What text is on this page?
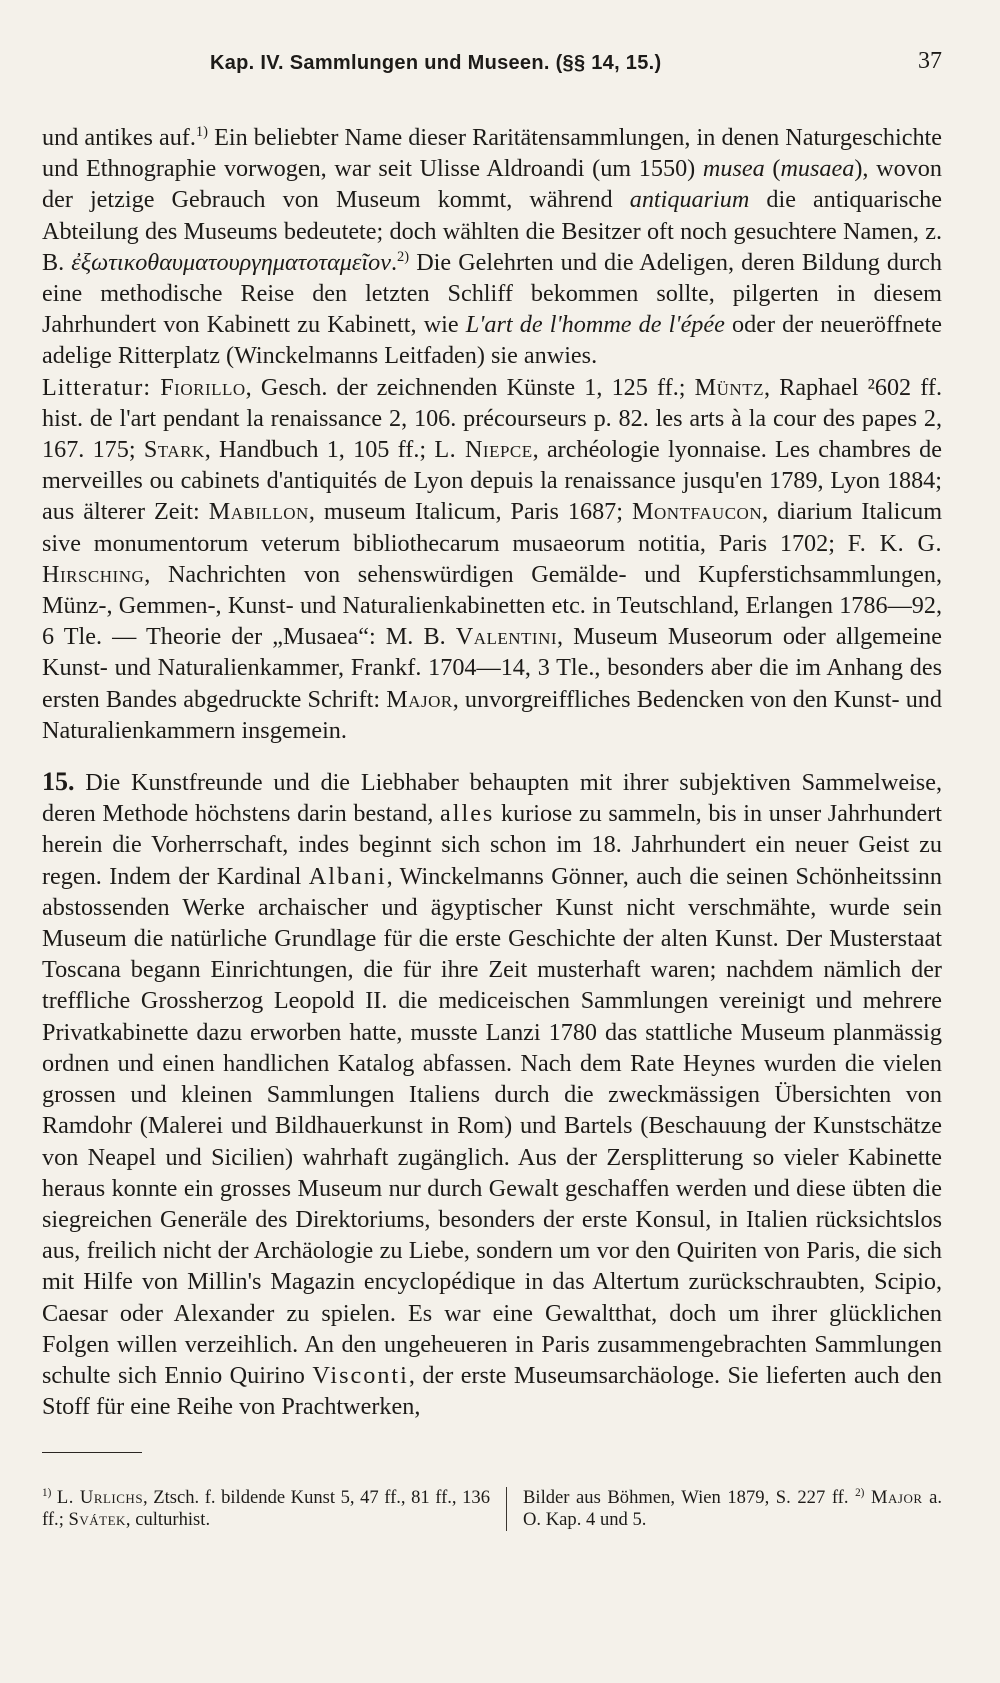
Kap. IV. Sammlungen und Museen. (§§ 14, 15.)	37

und antikes auf.$^{1)}$ Ein beliebter Name dieser Raritätensammlungen, in denen Naturgeschichte und Ethnographie vorwogen, war seit Ulisse Aldroandi (um 1550) musea (musaea), wovon der jetzige Gebrauch von Museum kommt, während antiquarium die antiquarische Abteilung des Museums bedeutete; doch wählten die Besitzer oft noch gesuchtere Namen, z. B. ἐξωτικοθαυματουργηματοταμεῖον.$^{2)}$ Die Gelehrten und die Adeligen, deren Bildung durch eine methodische Reise den letzten Schliff bekommen sollte, pilgerten in diesem Jahrhundert von Kabinett zu Kabinett, wie L'art de l'homme de l'épée oder der neueröffnete adelige Ritterplatz (Winckelmanns Leitfaden) sie anwies.

Litteratur: Fiorillo, Gesch. der zeichnenden Künste 1, 125 ff.; Müntz, Raphael ²602 ff. hist. de l'art pendant la renaissance 2, 106. précourseurs p. 82. les arts à la cour des papes 2, 167. 175; Stark, Handbuch 1, 105 ff.; L. Niepce, archéologie lyonnaise. Les chambres de merveilles ou cabinets d'antiquités de Lyon depuis la renaissance jusqu'en 1789, Lyon 1884; aus älterer Zeit: Mabillon, museum Italicum, Paris 1687; Montfaucon, diarium Italicum sive monumentorum veterum bibliothecarum musaeorum notitia, Paris 1702; F. K. G. Hirsching, Nachrichten von sehenswürdigen Gemälde- und Kupferstichsammlungen, Münz-, Gemmen-, Kunst- und Naturalienkabinetten etc. in Teutschland, Erlangen 1786—92, 6 Tle. — Theorie der „Musaea“: M. B. Valentini, Museum Museorum oder allgemeine Kunst- und Naturalienkammer, Frankf. 1704—14, 3 Tle., besonders aber die im Anhang des ersten Bandes abgedruckte Schrift: Major, unvorgreiffliches Bedencken von den Kunst- und Naturalienkammern insgemein.

15. Die Kunstfreunde und die Liebhaber behaupten mit ihrer subjektiven Sammelweise, deren Methode höchstens darin bestand, alles kuriose zu sammeln, bis in unser Jahrhundert herein die Vorherrschaft, indes beginnt sich schon im 18. Jahrhundert ein neuer Geist zu regen. Indem der Kardinal Albani, Winckelmanns Gönner, auch die seinen Schönheitssinn abstossenden Werke archaischer und ägyptischer Kunst nicht verschmähte, wurde sein Museum die natürliche Grundlage für die erste Geschichte der alten Kunst. Der Musterstaat Toscana begann Einrichtungen, die für ihre Zeit musterhaft waren; nachdem nämlich der treffliche Grossherzog Leopold II. die mediceischen Sammlungen vereinigt und mehrere Privatkabinette dazu erworben hatte, musste Lanzi 1780 das stattliche Museum planmässig ordnen und einen handlichen Katalog abfassen. Nach dem Rate Heynes wurden die vielen grossen und kleinen Sammlungen Italiens durch die zweckmässigen Übersichten von Ramdohr (Malerei und Bildhauerkunst in Rom) und Bartels (Beschauung der Kunstschätze von Neapel und Sicilien) wahrhaft zugänglich. Aus der Zersplitterung so vieler Kabinette heraus konnte ein grosses Museum nur durch Gewalt geschaffen werden und diese übten die siegreichen Generäle des Direktoriums, besonders der erste Konsul, in Italien rücksichtslos aus, freilich nicht der Archäologie zu Liebe, sondern um vor den Quiriten von Paris, die sich mit Hilfe von Millin's Magazin encyclopédique in das Altertum zurückschraubten, Scipio, Caesar oder Alexander zu spielen. Es war eine Gewaltthat, doch um ihrer glücklichen Folgen willen verzeihlich. An den ungeheueren in Paris zusammengebrachten Sammlungen schulte sich Ennio Quirino Visconti, der erste Museumsarchäologe. Sie lieferten auch den Stoff für eine Reihe von Prachtwerken,

$^{1)}$ L. Urlichs, Ztsch. f. bildende Kunst 5, 47 ff., 81 ff., 136 ff.; Svátek, culturhist.
Bilder aus Böhmen, Wien 1879, S. 227 ff. $^{2)}$ Major a. O. Kap. 4 und 5.
